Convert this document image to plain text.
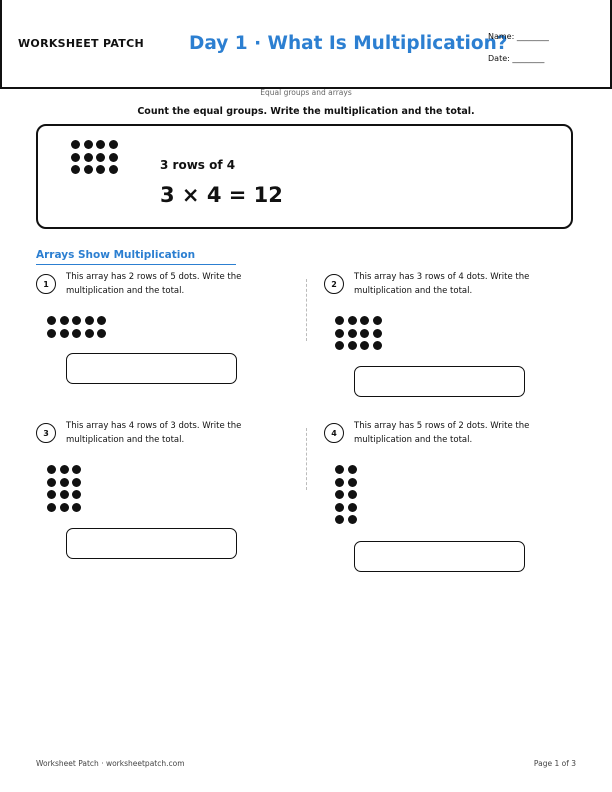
WORKSHEET PATCH Day 1 · What Is Multiplication?
Name: ________
Date: ________
Equal groups and arrays
Count the equal groups. Write the multiplication and the total.
3 rows of 4
3 × 4 = 12
Arrays Show Multiplication
1
This array has 2 rows of 5 dots. Write the multiplication and the total.
2
This array has 3 rows of 4 dots. Write the multiplication and the total.
3
This array has 4 rows of 3 dots. Write the multiplication and the total.
4
This array has 5 rows of 2 dots. Write the multiplication and the total.
Worksheet Patch · worksheetpatch.com	Page 1 of 3
